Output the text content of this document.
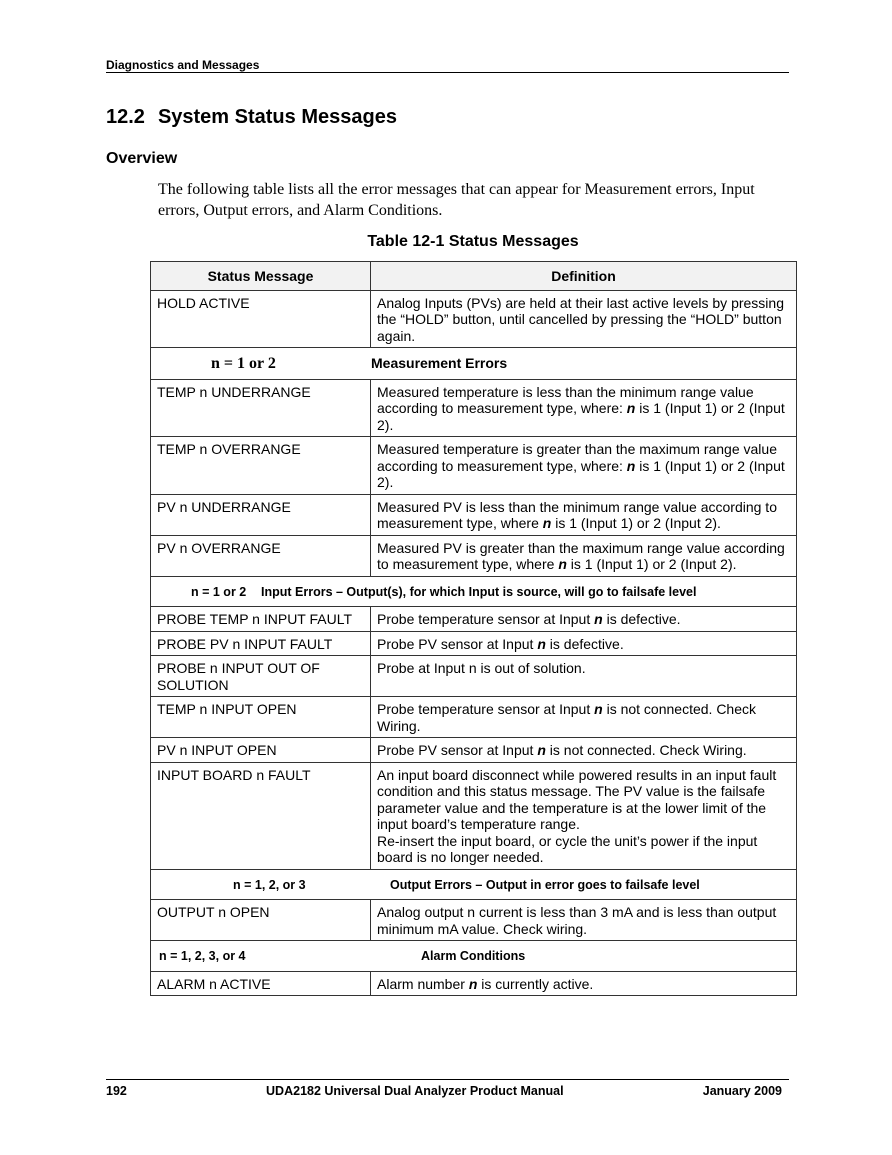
Diagnostics and Messages
12.2 System Status Messages
Overview
The following table lists all the error messages that can appear for Measurement errors, Input errors, Output errors, and Alarm Conditions.
Table 12-1 Status Messages
Status Message	Definition
HOLD ACTIVE	Analog Inputs (PVs) are held at their last active levels by pressing the “HOLD” button, until cancelled by pressing the “HOLD” button again.
n = 1 or 2 Measurement Errors	
TEMP n UNDERRANGE	Measured temperature is less than the minimum range value according to measurement type, where: n is 1 (Input 1) or 2 (Input 2).
TEMP n OVERRANGE	Measured temperature is greater than the maximum range value according to measurement type, where: n is 1 (Input 1) or 2 (Input 2).
PV n UNDERRANGE	Measured PV is less than the minimum range value according to measurement type, where n is 1 (Input 1) or 2 (Input 2).
PV n OVERRANGE	Measured PV is greater than the maximum range value according to measurement type, where n is 1 (Input 1) or 2 (Input 2).
n = 1 or 2 Input Errors – Output(s), for which Input is source, will go to failsafe level	
PROBE TEMP n INPUT FAULT	Probe temperature sensor at Input n is defective.
PROBE PV n INPUT FAULT	Probe PV sensor at Input n is defective.
PROBE n INPUT OUT OF SOLUTION	Probe at Input n is out of solution.
TEMP n INPUT OPEN	Probe temperature sensor at Input n is not connected. Check Wiring.
PV n INPUT OPEN	Probe PV sensor at Input n is not connected. Check Wiring.
INPUT BOARD n FAULT	An input board disconnect while powered results in an input fault condition and this status message. The PV value is the failsafe parameter value and the temperature is at the lower limit of the input board’s temperature range.
Re-insert the input board, or cycle the unit’s power if the input board is no longer needed.
n = 1, 2, or 3 Output Errors – Output in error goes to failsafe level	
OUTPUT n OPEN	Analog output n current is less than 3 mA and is less than output minimum mA value. Check wiring.
n = 1, 2, 3, or 4 Alarm Conditions	
ALARM n ACTIVE	Alarm number n is currently active.
192	UDA2182 Universal Dual Analyzer Product Manual	January 2009
